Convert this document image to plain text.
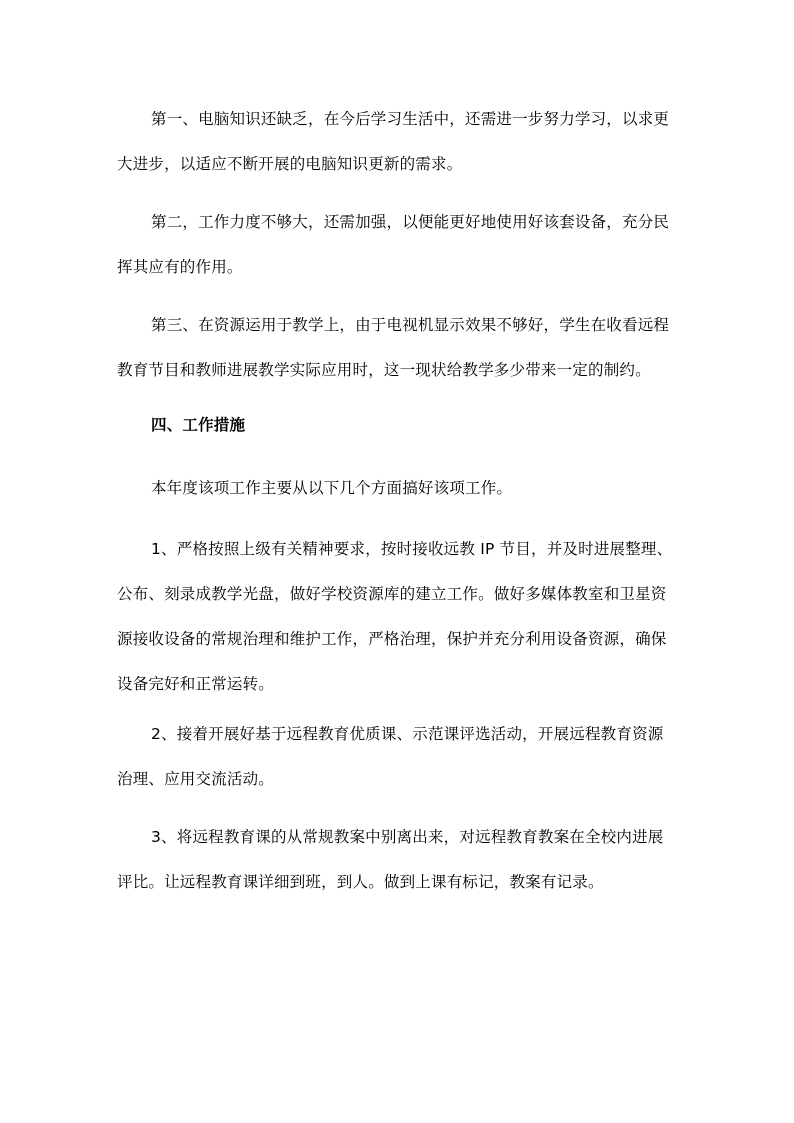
第一、电脑知识还缺乏，在今后学习生活中，还需进一步努力学习，以求更
大进步，以适应不断开展的电脑知识更新的需求。

第二，工作力度不够大，还需加强，以便能更好地使用好该套设备，充分民
挥其应有的作用。

第三、在资源运用于教学上，由于电视机显示效果不够好，学生在收看远程
教育节目和教师进展教学实际应用时，这一现状给教学多少带来一定的制约。

四、工作措施

本年度该项工作主要从以下几个方面搞好该项工作。

1、严格按照上级有关精神要求，按时接收远教 IP 节目，并及时进展整理、
公布、刻录成教学光盘，做好学校资源库的建立工作。做好多媒体教室和卫星资
源接收设备的常规治理和维护工作，严格治理，保护并充分利用设备资源，确保
设备完好和正常运转。

2、接着开展好基于远程教育优质课、示范课评选活动，开展远程教育资源
治理、应用交流活动。

3、将远程教育课的从常规教案中别离出来，对远程教育教案在全校内进展
评比。让远程教育课详细到班，到人。做到上课有标记，教案有记录。
